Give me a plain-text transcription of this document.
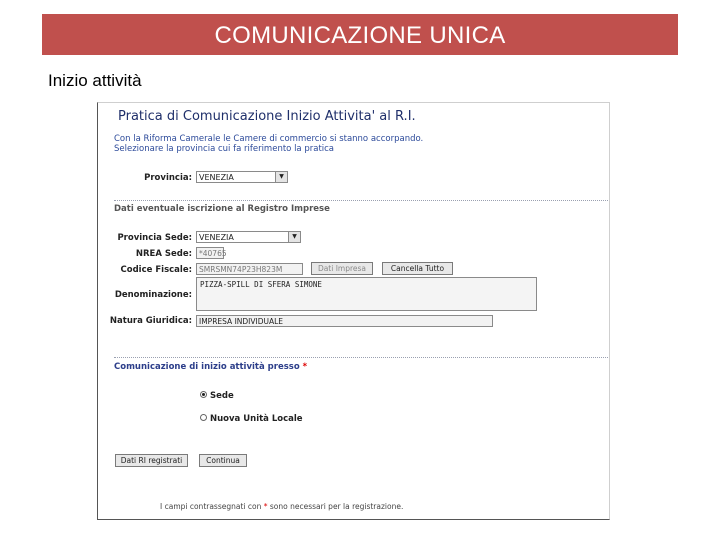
COMUNICAZIONE UNICA
Inizio attività
Pratica di Comunicazione Inizio Attivita' al R.I.
Con la Riforma Camerale le Camere di commercio si stanno accorpando.
Selezionare la provincia cui fa riferimento la pratica
Provincia: VENEZIA	▼
Dati eventuale iscrizione al Registro Imprese
Provincia Sede: VENEZIA	▼
NREA Sede: *40765
Codice Fiscale: SMRSMN74P23H823M	Dati Impresa	Cancella Tutto
Denominazione:
PIZZA-SPILL DI SFERA SIMONE
Natura Giuridica: IMPRESA INDIVIDUALE
Comunicazione di inizio attività presso *
Sede
Nuova Unità Locale
Dati RI registrati	Continua
I campi contrassegnati con * sono necessari per la registrazione.
